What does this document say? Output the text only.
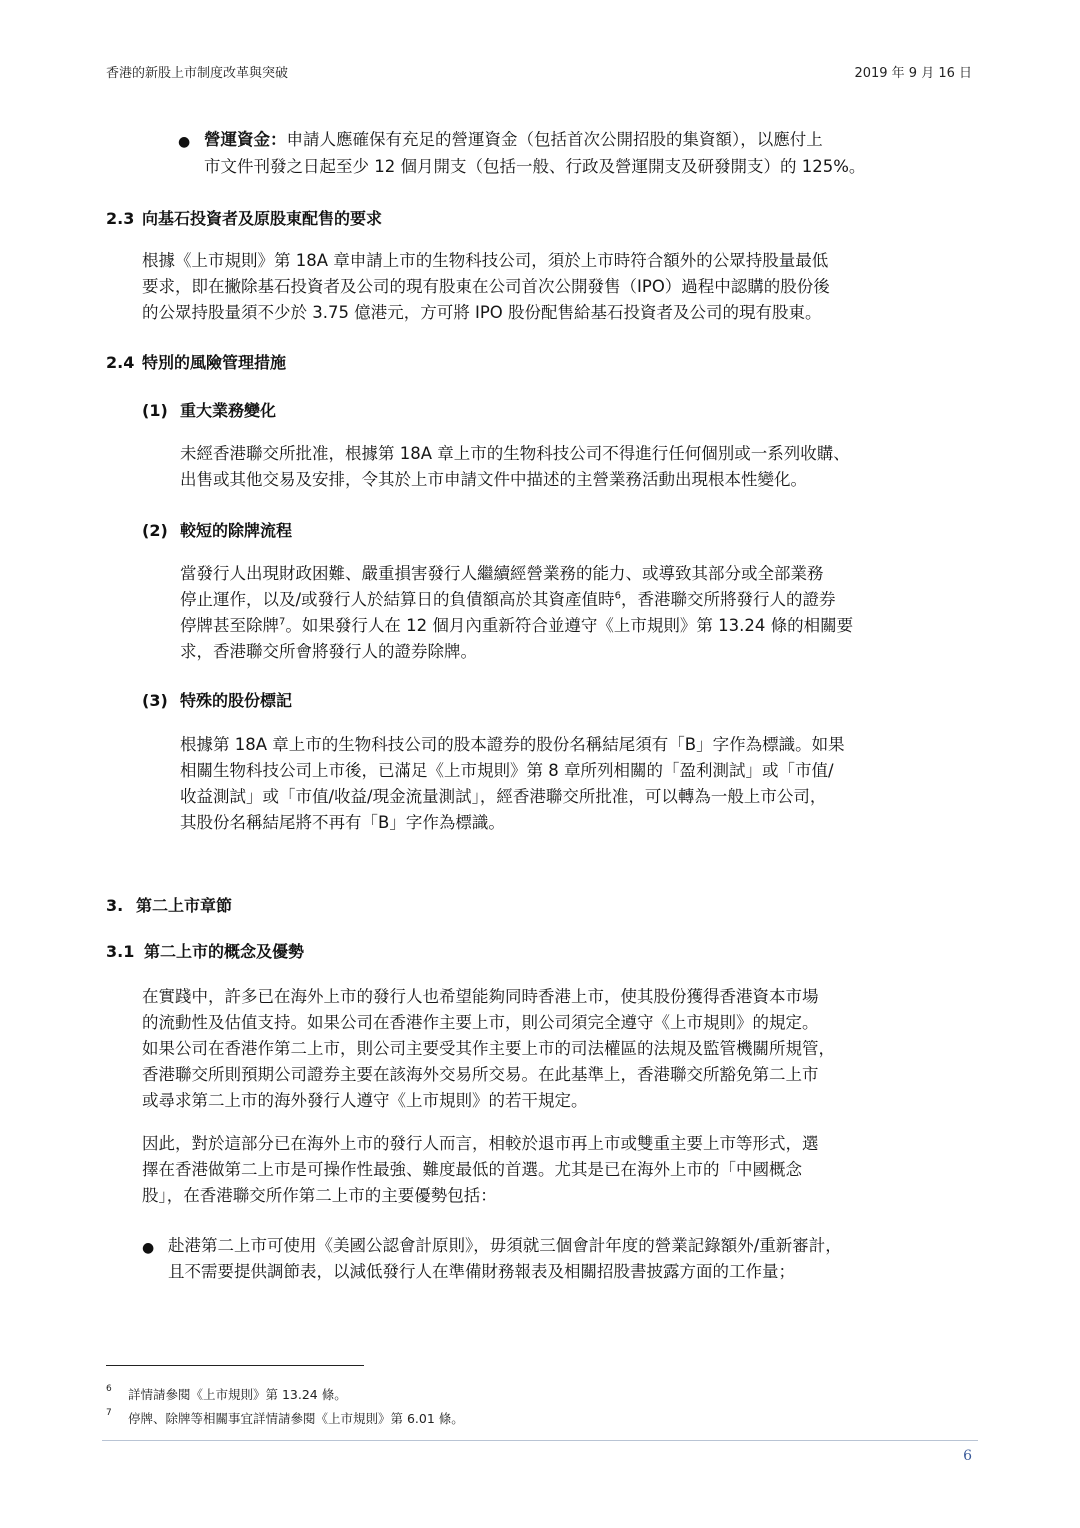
香港的新股上市制度改革與突破	2019 年 9 月 16 日
● 營運資金：申請人應確保有充足的營運資金（包括首次公開招股的集資額），以應付上
市文件刊發之日起至少 12 個月開支（包括一般、行政及營運開支及研發開支）的 125%。
2.3 向基石投資者及原股東配售的要求
根據《上市規則》第 18A 章申請上市的生物科技公司，須於上市時符合額外的公眾持股量最低
要求，即在撇除基石投資者及公司的現有股東在公司首次公開發售（IPO）過程中認購的股份後
的公眾持股量須不少於 3.75 億港元，方可將 IPO 股份配售給基石投資者及公司的現有股東。
2.4 特別的風險管理措施
(1) 重大業務變化
未經香港聯交所批准，根據第 18A 章上市的生物科技公司不得進行任何個別或一系列收購、
出售或其他交易及安排，令其於上市申請文件中描述的主營業務活動出現根本性變化。
(2) 較短的除牌流程
當發行人出現財政困難、嚴重損害發行人繼續經營業務的能力、或導致其部分或全部業務
停止運作，以及/或發行人於結算日的負債額高於其資產值時$^6$，香港聯交所將發行人的證券
停牌甚至除牌$^7$。如果發行人在 12 個月內重新符合並遵守《上市規則》第 13.24 條的相關要
求，香港聯交所會將發行人的證券除牌。
(3) 特殊的股份標記
根據第 18A 章上市的生物科技公司的股本證券的股份名稱結尾須有「B」字作為標識。如果
相關生物科技公司上市後，已滿足《上市規則》第 8 章所列相關的「盈利測試」或「市值/
收益測試」或「市值/收益/現金流量測試」，經香港聯交所批准，可以轉為一般上市公司，
其股份名稱結尾將不再有「B」字作為標識。
3. 第二上市章節
3.1 第二上市的概念及優勢
在實踐中，許多已在海外上市的發行人也希望能夠同時香港上市，使其股份獲得香港資本市場
的流動性及估值支持。如果公司在香港作主要上市，則公司須完全遵守《上市規則》的規定。
如果公司在香港作第二上市，則公司主要受其作主要上市的司法權區的法規及監管機關所規管，
香港聯交所則預期公司證券主要在該海外交易所交易。在此基準上，香港聯交所豁免第二上市
或尋求第二上市的海外發行人遵守《上市規則》的若干規定。
因此，對於這部分已在海外上市的發行人而言，相較於退市再上市或雙重主要上市等形式，選
擇在香港做第二上市是可操作性最強、難度最低的首選。尤其是已在海外上市的「中國概念
股」，在香港聯交所作第二上市的主要優勢包括：
● 赴港第二上市可使用《美國公認會計原則》，毋須就三個會計年度的營業記錄額外/重新審計，
且不需要提供調節表，以減低發行人在準備財務報表及相關招股書披露方面的工作量；
6 詳情請參閱《上市規則》第 13.24 條。
7 停牌、除牌等相關事宜詳情請參閱《上市規則》第 6.01 條。
6
